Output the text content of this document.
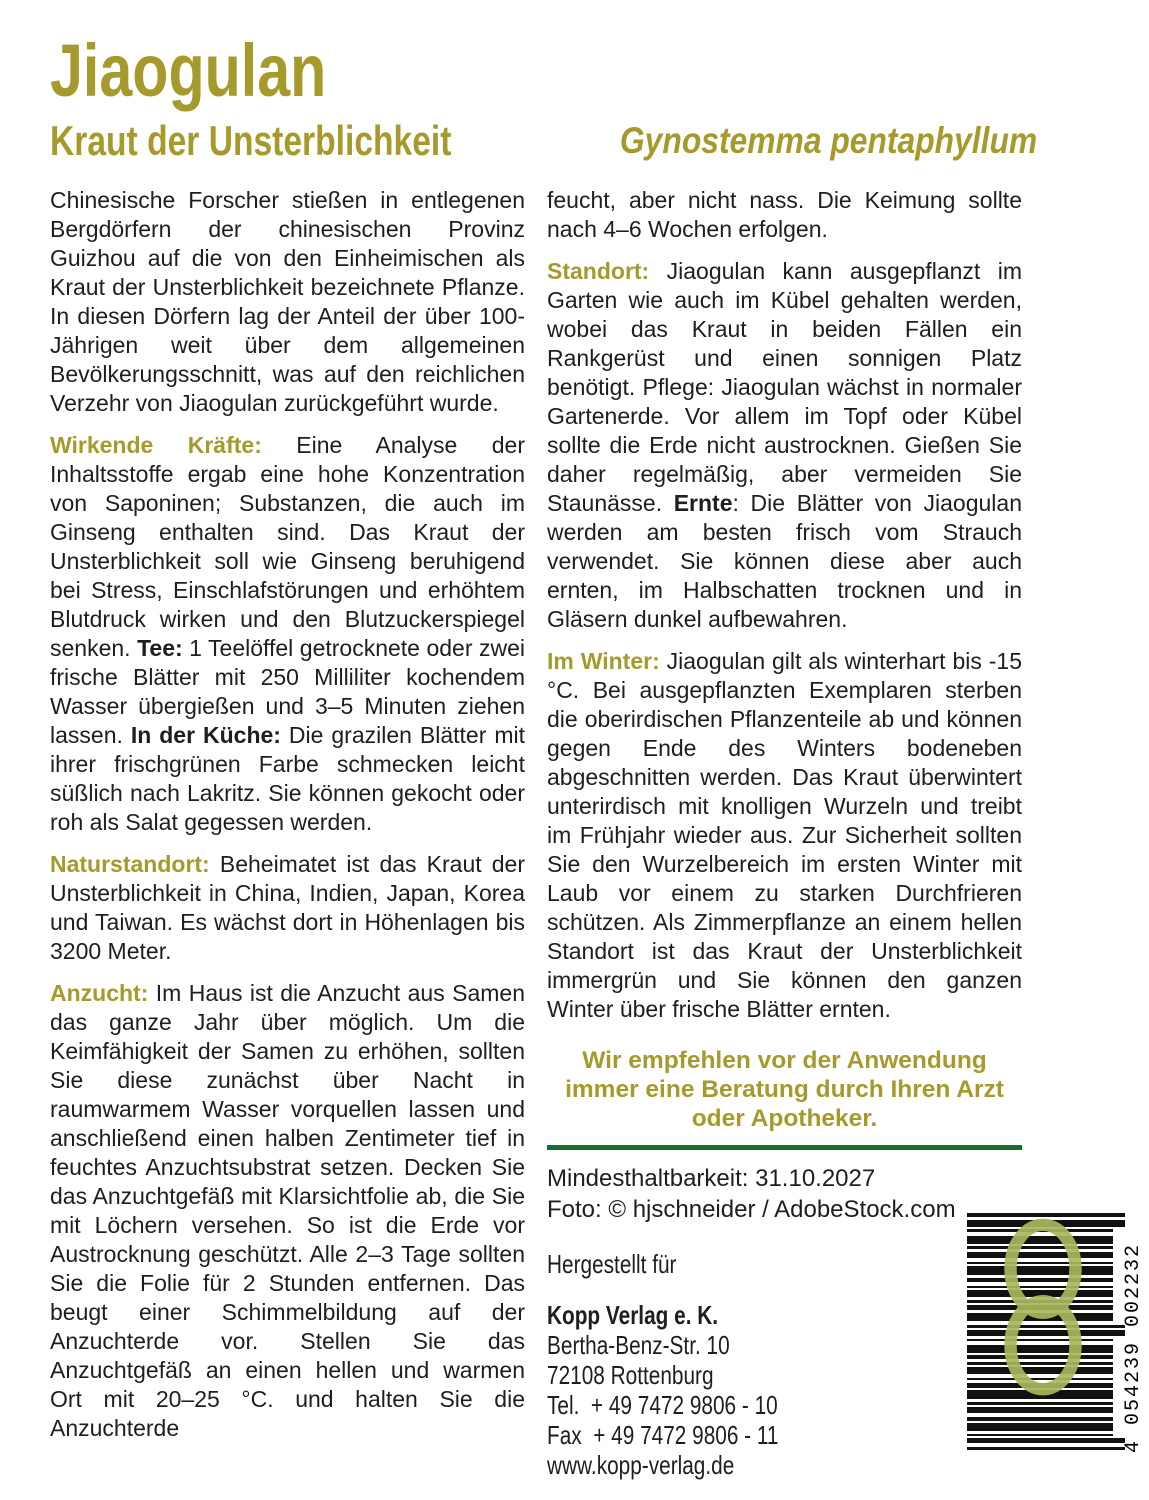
Jiaogulan
Kraut der Unsterblichkeit	Gynostemma pentaphyllum

Chinesische Forscher stießen in entlegenen Bergdörfern der chinesischen Provinz Guizhou auf die von den Einheimischen als Kraut der Unsterblichkeit bezeichnete Pflanze. In diesen Dörfern lag der Anteil der über 100-Jährigen weit über dem allgemeinen Bevölkerungsschnitt, was auf den reichlichen Verzehr von Jiaogulan zurückgeführt wurde.

Wirkende Kräfte: Eine Analyse der Inhaltsstoffe ergab eine hohe Konzentration von Saponinen; Substanzen, die auch im Ginseng enthalten sind. Das Kraut der Unsterblichkeit soll wie Ginseng beruhigend bei Stress, Einschlafstörungen und erhöhtem Blutdruck wirken und den Blutzuckerspiegel senken. Tee: 1 Teelöffel getrocknete oder zwei frische Blätter mit 250 Milliliter kochendem Wasser übergießen und 3–5 Minuten ziehen lassen. In der Küche: Die grazilen Blätter mit ihrer frischgrünen Farbe schmecken leicht süßlich nach Lakritz. Sie können gekocht oder roh als Salat gegessen werden.

Naturstandort: Beheimatet ist das Kraut der Unsterblichkeit in China, Indien, Japan, Korea und Taiwan. Es wächst dort in Höhenlagen bis 3200 Meter.

Anzucht: Im Haus ist die Anzucht aus Samen das ganze Jahr über möglich. Um die Keimfähigkeit der Samen zu erhöhen, sollten Sie diese zunächst über Nacht in raumwarmem Wasser vorquellen lassen und anschließend einen halben Zentimeter tief in feuchtes Anzuchtsubstrat setzen. Decken Sie das Anzuchtgefäß mit Klarsichtfolie ab, die Sie mit Löchern versehen. So ist die Erde vor Austrocknung geschützt. Alle 2–3 Tage sollten Sie die Folie für 2 Stunden entfernen. Das beugt einer Schimmelbildung auf der Anzuchterde vor. Stellen Sie das Anzuchtgefäß an einen hellen und warmen Ort mit 20–25 °C. und halten Sie die Anzuchterde

feucht, aber nicht nass. Die Keimung sollte nach 4–6 Wochen erfolgen.

Standort: Jiaogulan kann ausgepflanzt im Garten wie auch im Kübel gehalten werden, wobei das Kraut in beiden Fällen ein Rankgerüst und einen sonnigen Platz benötigt. Pflege: Jiaogulan wächst in normaler Gartenerde. Vor allem im Topf oder Kübel sollte die Erde nicht austrocknen. Gießen Sie daher regelmäßig, aber vermeiden Sie Staunässe. Ernte: Die Blätter von Jiaogulan werden am besten frisch vom Strauch verwendet. Sie können diese aber auch ernten, im Halbschatten trocknen und in Gläsern dunkel aufbewahren.

Im Winter: Jiaogulan gilt als winterhart bis -15 °C. Bei ausgepflanzten Exemplaren sterben die oberirdischen Pflanzenteile ab und können gegen Ende des Winters bodeneben abgeschnitten werden. Das Kraut überwintert unterirdisch mit knolligen Wurzeln und treibt im Frühjahr wieder aus. Zur Sicherheit sollten Sie den Wurzelbereich im ersten Winter mit Laub vor einem zu starken Durchfrieren schützen. Als Zimmerpflanze an einem hellen Standort ist das Kraut der Unsterblichkeit immergrün und Sie können den ganzen Winter über frische Blätter ernten.

Wir empfehlen vor der Anwendung immer eine Beratung durch Ihren Arzt oder Apotheker.
Mindesthaltbarkeit: 31.10.2027
Foto: © hjschneider / AdobeStock.com
Hergestellt für
Kopp Verlag e. K.
Bertha-Benz-Str. 10
72108 Rottenburg
Tel.  + 49 7472 9806 - 10
Fax  + 49 7472 9806 - 11
www.kopp-verlag.de
4 054239 002232
